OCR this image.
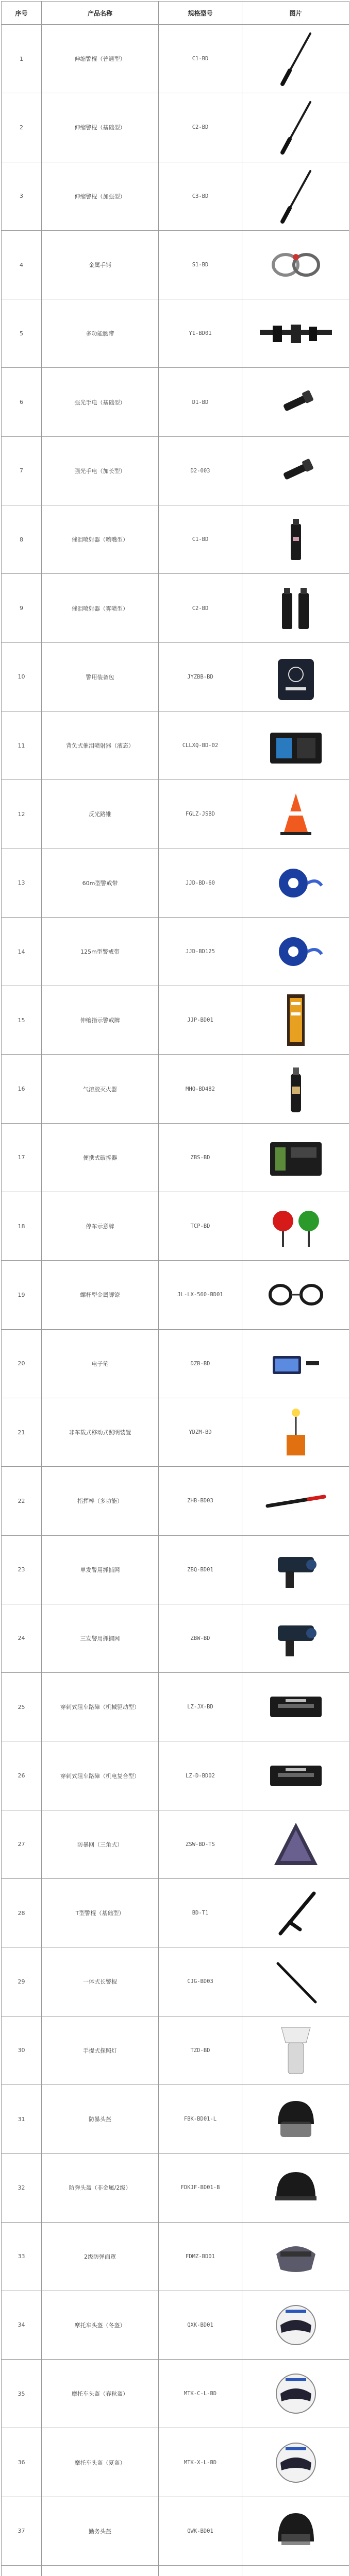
序号	产品名称	规格型号	图片
1	伸缩警棍（普通型）	C1-BD	

2	伸缩警棍（基础型）	C2-BD	

3	伸缩警棍（加强型）	C3-BD	

4	金属手铐	S1-BD	

5	多功能腰带	Y1-BD01	

6	强光手电（基础型）	D1-BD	

7	强光手电（加长型）	D2-003	

8	催泪喷射器（喷嘴型）	C1-BD	

9	催泪喷射器（雾喷型）	C2-BD	

10	警用装备包	JYZBB-BD	

11	背负式催泪喷射器（液态）	CLLXQ-BD-02	

12	反光路锥	FGLZ-JSBD	

13	60m型警戒带	JJD-BD-60	

14	125m型警戒带	JJD-BD125	

15	伸缩指示警戒牌	JJP-BD01	

16	气溶胶灭火器	MHQ-BD482	

17	便携式破拆器	ZBS-BD	

18	停车示意牌	TCP-BD	

19	螺杆型金属脚镣	JL-LX-560-BD01	

20	电子笔	DZB-BD	

21	非车载式移动式照明装置	YDZM-BD	

22	指挥棒（多功能）	ZHB-BD03	

23	单发警用抓捕网	ZBQ-BD01	

24	三发警用抓捕网	ZBW-BD	

25	穿刺式阻车路障（机械驱动型）	LZ-JX-BD	

26	穿刺式阻车路障（机电复合型）	LZ-D-BD02	

27	防暴网（三角式）	ZSW-BD-TS	

28	T型警棍（基础型）	BD-T1	

29	一体式长警棍	CJG-BD03	

30	手提式探照灯	TZD-BD	

31	防暴头盔	FBK-BD01-L	

32	防弹头盔（非金属/2级）	FDKJF-BD01-B	

33	2级防弹面罩	FDMZ-BD01	

34	摩托车头盔（冬盔）	QXK-BD01	

35	摩托车头盔（春秋盔）	MTK-C-L-BD	

36	摩托车头盔（夏盔）	MTK-X-L-BD	

37	勤务头盔	QWK-BD01	
